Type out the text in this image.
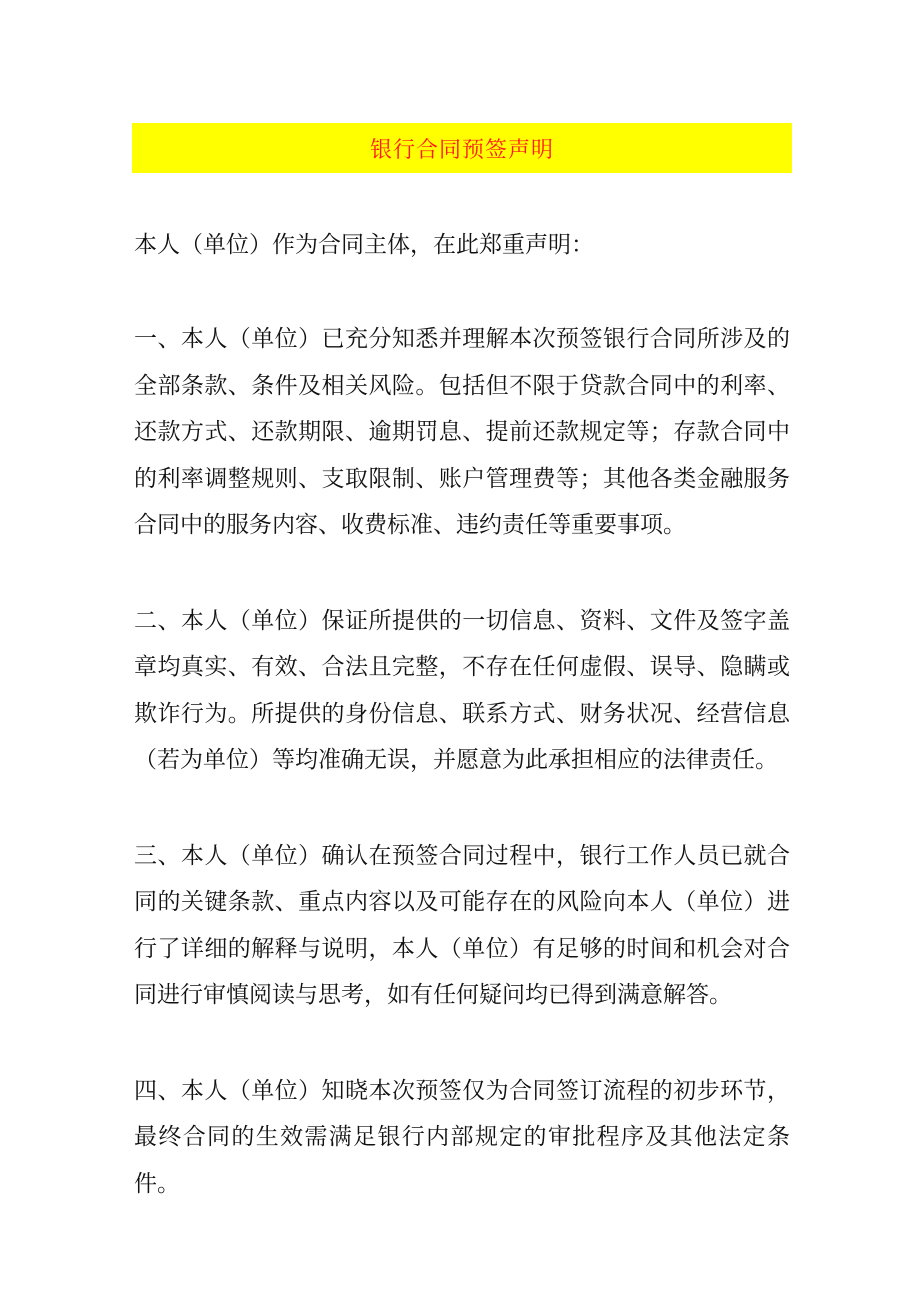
银行合同预签声明

本人（单位）作为合同主体，在此郑重声明：

一、本人（单位）已充分知悉并理解本次预签银行合同所涉及的全部条款、条件及相关风险。包括但不限于贷款合同中的利率、还款方式、还款期限、逾期罚息、提前还款规定等；存款合同中的利率调整规则、支取限制、账户管理费等；其他各类金融服务合同中的服务内容、收费标准、违约责任等重要事项。

二、本人（单位）保证所提供的一切信息、资料、文件及签字盖章均真实、有效、合法且完整，不存在任何虚假、误导、隐瞒或欺诈行为。所提供的身份信息、联系方式、财务状况、经营信息（若为单位）等均准确无误，并愿意为此承担相应的法律责任。

三、本人（单位）确认在预签合同过程中，银行工作人员已就合同的关键条款、重点内容以及可能存在的风险向本人（单位）进行了详细的解释与说明，本人（单位）有足够的时间和机会对合同进行审慎阅读与思考，如有任何疑问均已得到满意解答。

四、本人（单位）知晓本次预签仅为合同签订流程的初步环节，最终合同的生效需满足银行内部规定的审批程序及其他法定条件。
